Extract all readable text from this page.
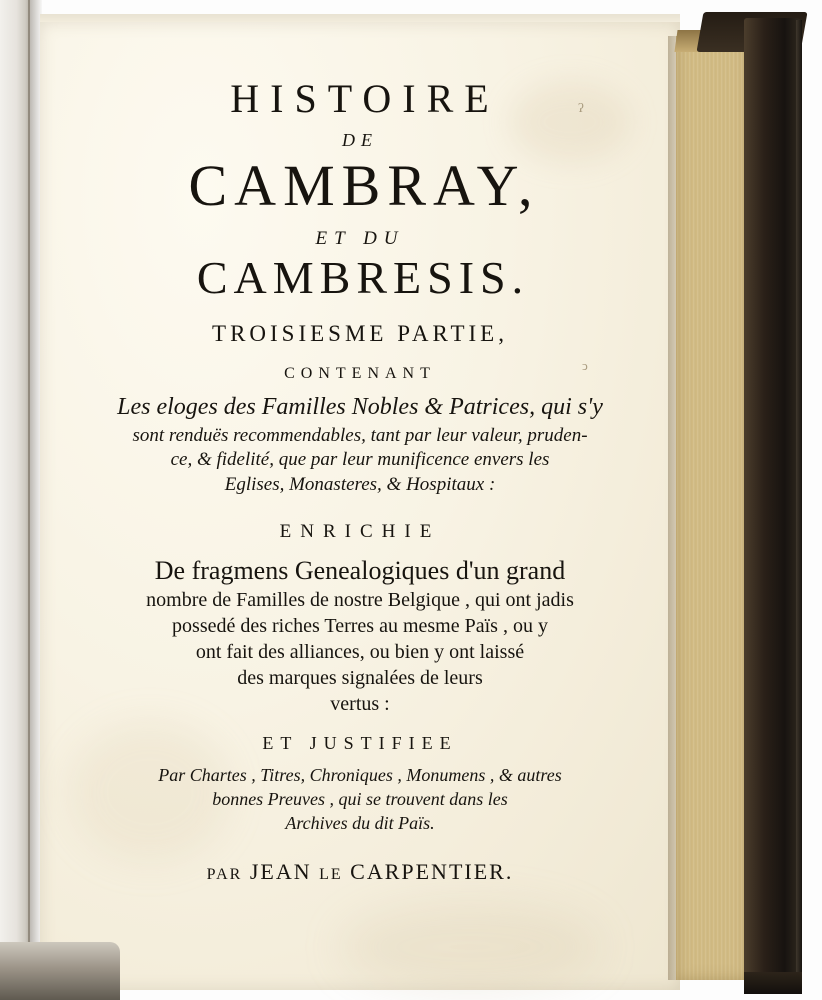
ʔ
ↄ
HISTOIRE
DE
CAMBRAY,
ET DU
CAMBRESIS.
TROISIESME PARTIE,
CONTENANT
Les eloges des Familles Nobles & Patrices, qui s'y
sont renduës recommendables, tant par leur valeur, pruden-
ce, & fidelité, que par leur munificence envers les
Eglises, Monasteres, & Hospitaux :
ENRICHIE
De fragmens Genealogiques d'un grand
nombre de Familles de nostre Belgique , qui ont jadis
possedé des riches Terres au mesme Païs , ou y
ont fait des alliances, ou bien y ont laissé
des marques signalées de leurs
vertus :
ET JUSTIFIEE
Par Chartes , Titres, Chroniques , Monumens , & autres
bonnes Preuves , qui se trouvent dans les
Archives du dit Païs.
PAR JEAN LE CARPENTIER.
